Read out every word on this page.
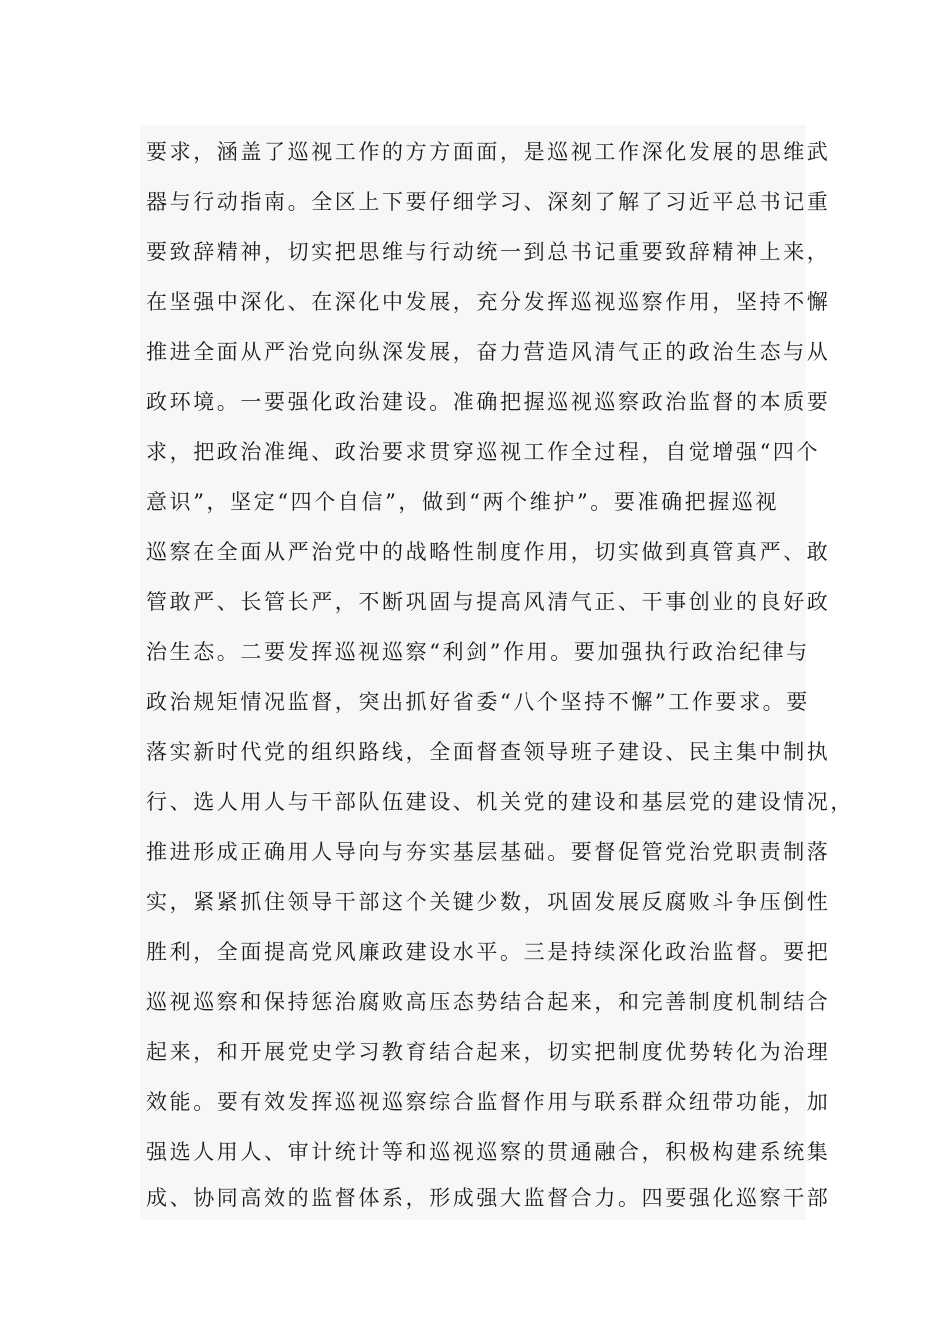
要求，涵盖了巡视工作的方方面面，是巡视工作深化发展的思维武
器与行动指南。全区上下要仔细学习、深刻了解了习近平总书记重
要致辞精神，切实把思维与行动统一到总书记重要致辞精神上来，
在坚强中深化、在深化中发展，充分发挥巡视巡察作用，坚持不懈
推进全面从严治党向纵深发展，奋力营造风清气正的政治生态与从
政环境。一要强化政治建设。准确把握巡视巡察政治监督的本质要
求，把政治准绳、政治要求贯穿巡视工作全过程，自觉增强“四个
意识”，坚定“四个自信”，做到“两个维护”。要准确把握巡视
巡察在全面从严治党中的战略性制度作用，切实做到真管真严、敢
管敢严、长管长严，不断巩固与提高风清气正、干事创业的良好政
治生态。二要发挥巡视巡察“利剑”作用。要加强执行政治纪律与
政治规矩情况监督，突出抓好省委“八个坚持不懈”工作要求。要
落实新时代党的组织路线，全面督查领导班子建设、民主集中制执
行、选人用人与干部队伍建设、机关党的建设和基层党的建设情况，
推进形成正确用人导向与夯实基层基础。要督促管党治党职责制落
实，紧紧抓住领导干部这个关键少数，巩固发展反腐败斗争压倒性
胜利，全面提高党风廉政建设水平。三是持续深化政治监督。要把
巡视巡察和保持惩治腐败高压态势结合起来，和完善制度机制结合
起来，和开展党史学习教育结合起来，切实把制度优势转化为治理
效能。要有效发挥巡视巡察综合监督作用与联系群众纽带功能，加
强选人用人、审计统计等和巡视巡察的贯通融合，积极构建系统集
成、协同高效的监督体系，形成强大监督合力。四要强化巡察干部
